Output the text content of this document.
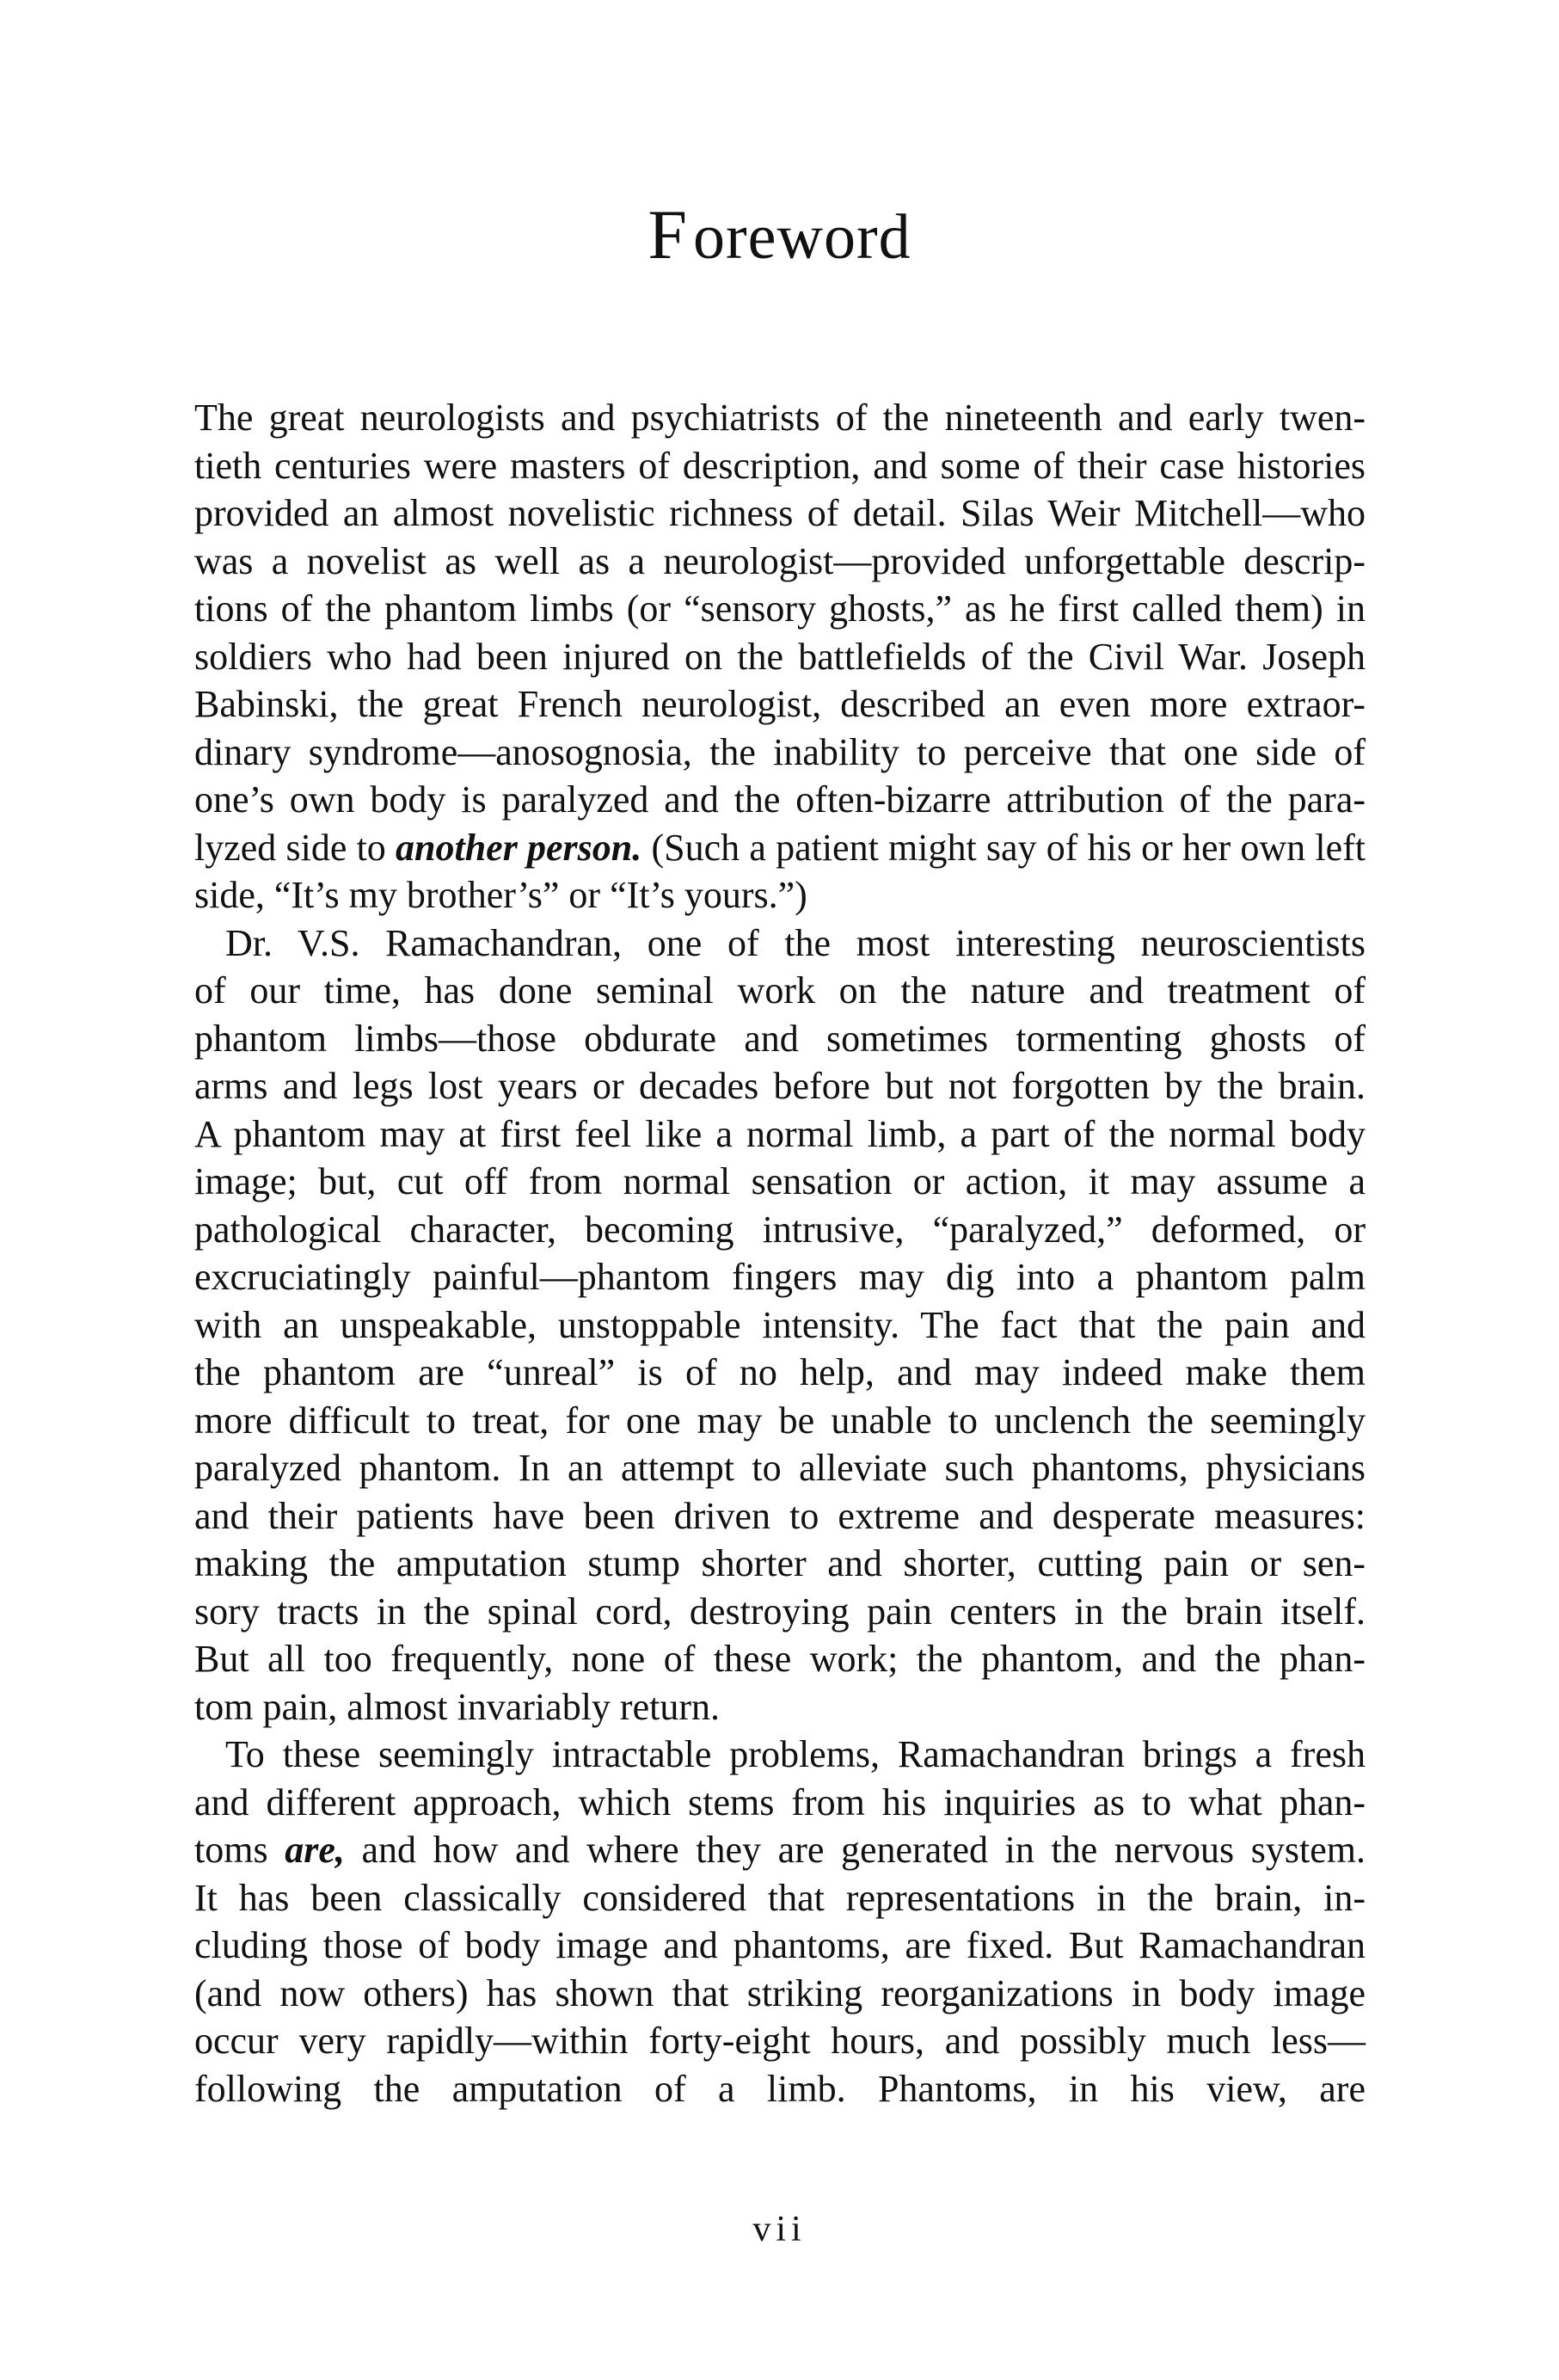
Foreword
The great neurologists and psychiatrists of the nineteenth and early twen-
tieth centuries were masters of description, and some of their case histories
provided an almost novelistic richness of detail. Silas Weir Mitchell—who
was a novelist as well as a neurologist—provided unforgettable descrip-
tions of the phantom limbs (or “sensory ghosts,” as he first called them) in
soldiers who had been injured on the battlefields of the Civil War. Joseph
Babinski, the great French neurologist, described an even more extraor-
dinary syndrome—anosognosia, the inability to perceive that one side of
one’s own body is paralyzed and the often-bizarre attribution of the para-
lyzed side to another person. (Such a patient might say of his or her own left
side, “It’s my brother’s” or “It’s yours.”)
Dr. V.S. Ramachandran, one of the most interesting neuroscientists
of our time, has done seminal work on the nature and treatment of
phantom limbs—those obdurate and sometimes tormenting ghosts of
arms and legs lost years or decades before but not forgotten by the brain.
A phantom may at first feel like a normal limb, a part of the normal body
image; but, cut off from normal sensation or action, it may assume a
pathological character, becoming intrusive, “paralyzed,” deformed, or
excruciatingly painful—phantom fingers may dig into a phantom palm
with an unspeakable, unstoppable intensity. The fact that the pain and
the phantom are “unreal” is of no help, and may indeed make them
more difficult to treat, for one may be unable to unclench the seemingly
paralyzed phantom. In an attempt to alleviate such phantoms, physicians
and their patients have been driven to extreme and desperate measures:
making the amputation stump shorter and shorter, cutting pain or sen-
sory tracts in the spinal cord, destroying pain centers in the brain itself.
But all too frequently, none of these work; the phantom, and the phan-
tom pain, almost invariably return.
To these seemingly intractable problems, Ramachandran brings a fresh
and different approach, which stems from his inquiries as to what phan-
toms are, and how and where they are generated in the nervous system.
It has been classically considered that representations in the brain, in-
cluding those of body image and phantoms, are fixed. But Ramachandran
(and now others) has shown that striking reorganizations in body image
occur very rapidly—within forty-eight hours, and possibly much less—
following the amputation of a limb. Phantoms, in his view, are
vii
